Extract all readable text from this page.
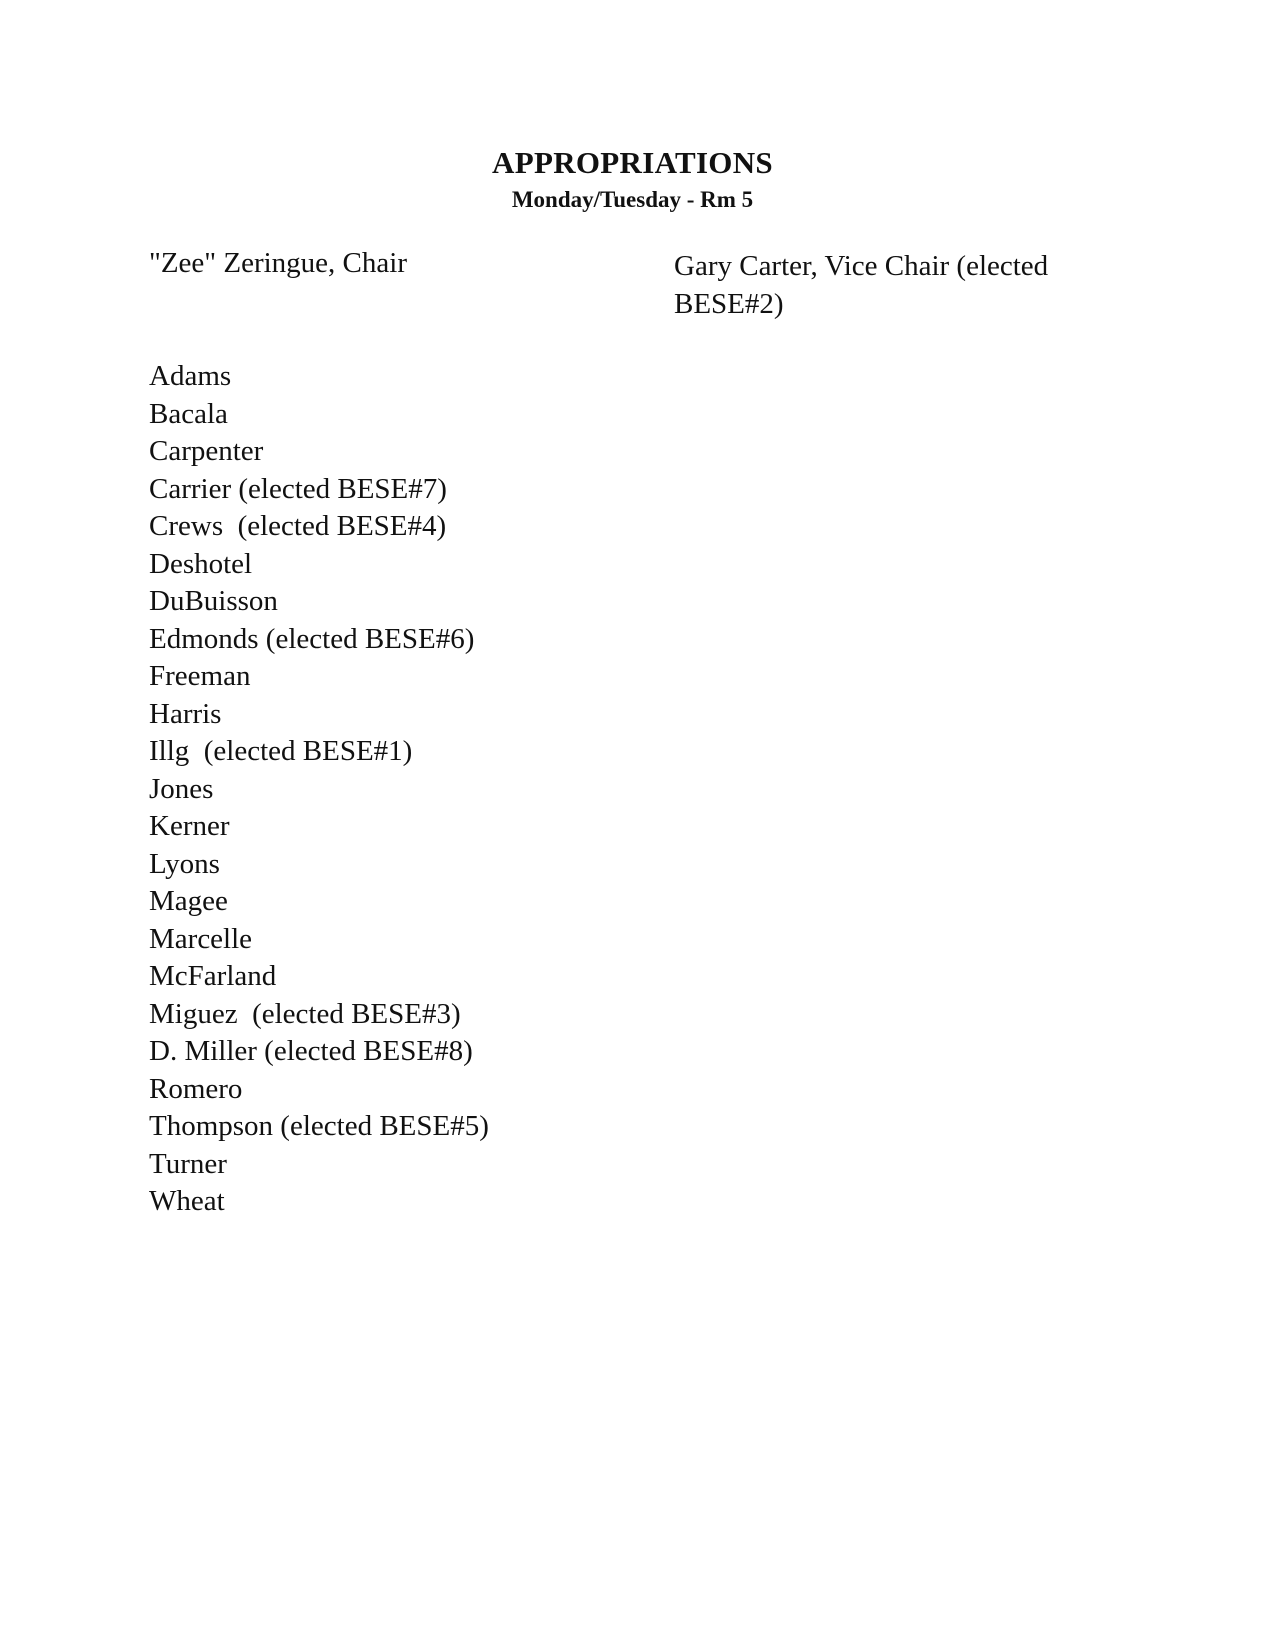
APPROPRIATIONS
Monday/Tuesday - Rm 5
"Zee" Zeringue, Chair	Gary Carter, Vice Chair (elected BESE#2)
Adams
Bacala
Carpenter
Carrier (elected BESE#7)
Crews  (elected BESE#4)
Deshotel
DuBuisson
Edmonds (elected BESE#6)
Freeman
Harris
Illg  (elected BESE#1)
Jones
Kerner
Lyons
Magee
Marcelle
McFarland
Miguez  (elected BESE#3)
D. Miller (elected BESE#8)
Romero
Thompson (elected BESE#5)
Turner
Wheat
